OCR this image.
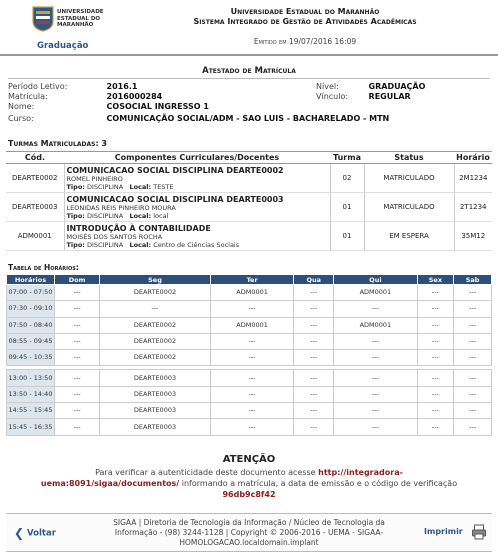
UNIVERSIDADE
ESTADUAL DO
MARANHÃO
Graduação
Universidade Estadual do Maranhão
Sistema Integrado de Gestão de Atividades Acadêmicas
Emitido em 19/07/2016 16:09
Atestado de Matrícula
Período Letivo:	2016.1
Matrícula:	2016000284
Nome:	COSOCIAL INGRESSO 1
Curso:	COMUNICAÇÃO SOCIAL/ADM - SAO LUIS - BACHARELADO - MTN
Nível:	GRADUAÇÃO
Vínculo:	REGULAR
Turmas Matriculadas: 3
Cód.	Componentes Curriculares/Docentes	Turma	Status	Horário
DEARTE0002	COMUNICACAO SOCIAL DISCIPLINA DEARTE0002
ROMEL PINHEIRO
Tipo: DISCIPLINA Local: TESTE	02	MATRICULADO	2M1234
DEARTE0003	COMUNICACAO SOCIAL DISCIPLINA DEARTE0003
LEONIDAS REIS PINHEIRO MOURA
Tipo: DISCIPLINA Local: local	01	MATRICULADO	2T1234
ADM0001	INTRODUÇÃO À CONTABILIDADE
MOISÉS DOS SANTOS ROCHA
Tipo: DISCIPLINA Local: Centro de Ciências Sociais	01	EM ESPERA	35M12
Tabela de Horários:
Horários	Dom	Seg	Ter	Qua	Qui	Sex	Sab
07:00 - 07:50	---	DEARTE0002	ADM0001	---	ADM0001	---	---
07:30 - 09:10	---	---	---	---	---	---	---
07:50 - 08:40	---	DEARTE0002	ADM0001	---	ADM0001	---	---
08:55 - 09:45	---	DEARTE0002	---	---	---	---	---
09:45 - 10:35	---	DEARTE0002	---	---	---	---	---

13:00 - 13:50	---	DEARTE0003	---	---	---	---	---
13:50 - 14:40	---	DEARTE0003	---	---	---	---	---
14:55 - 15:45	---	DEARTE0003	---	---	---	---	---
15:45 - 16:35	---	DEARTE0003	---	---	---	---	---
ATENÇÃO
Para verificar a autenticidade deste documento acesse http://integradora-uema:8091/sigaa/documentos/ informando a matrícula, a data de emissão e o código de verificação
96db9c8f42
❮ Voltar
SIGAA | Diretoria de Tecnologia da Informação / Núcleo de Tecnologia da
Informação - (98) 3244-1128 | Copyright © 2006-2016 - UEMA - SIGAA-
HOMOLOGACAO.localdomain.implant
Imprimir
